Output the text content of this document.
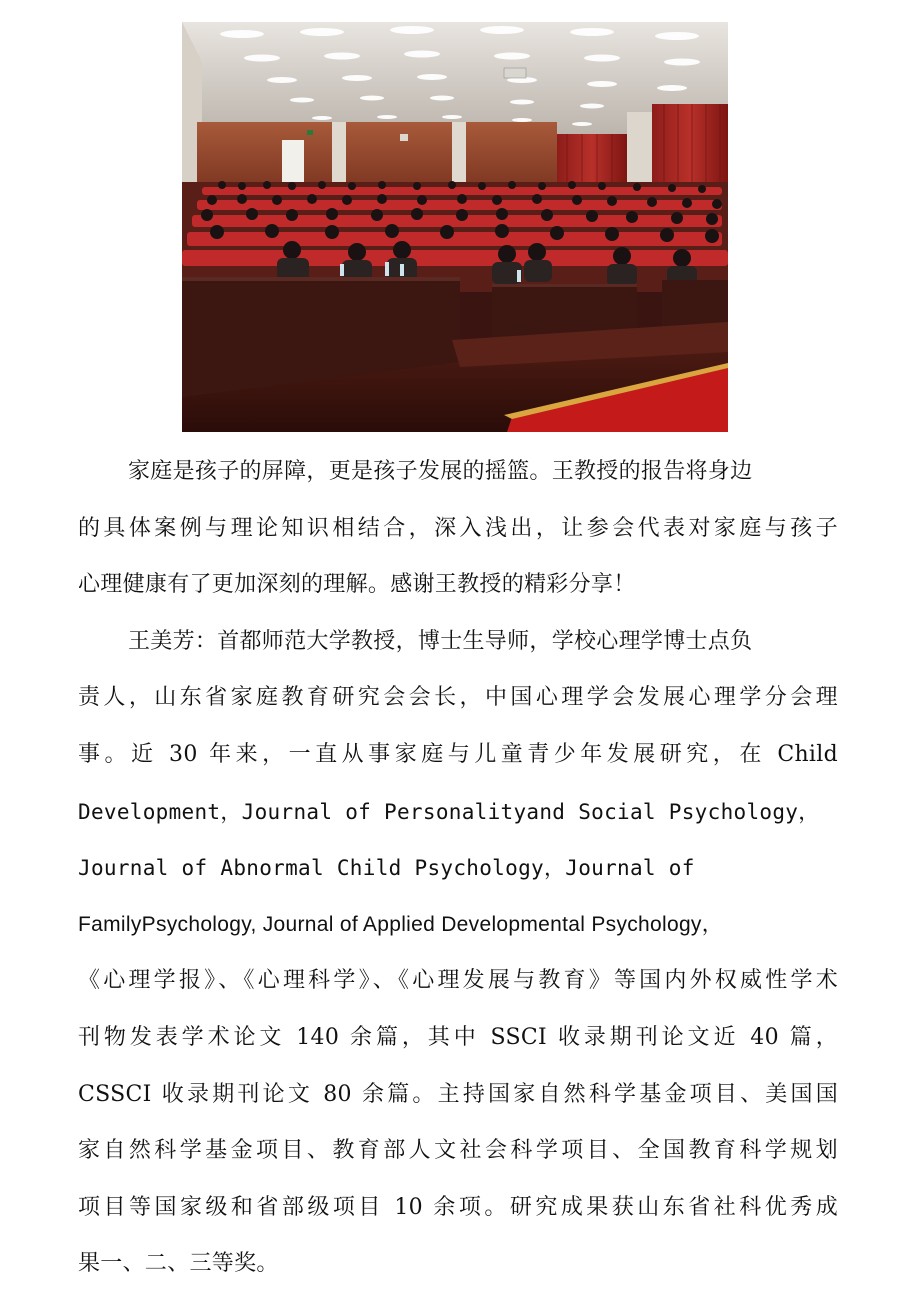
家庭是孩子的屏障，更是孩子发展的摇篮。王教授的报告将身边
的具体案例与理论知识相结合，深入浅出，让参会代表对家庭与孩子
心理健康有了更加深刻的理解。感谢王教授的精彩分享！
王美芳：首都师范大学教授，博士生导师，学校心理学博士点负
责人，山东省家庭教育研究会会长，中国心理学会发展心理学分会理
事。近 30 年来，一直从事家庭与儿童青少年发展研究，在 Child
Development，Journal of Personalityand Social Psychology，
Journal of Abnormal Child Psychology，Journal of
FamilyPsychology, Journal of Applied Developmental Psychology，
《心理学报》、《心理科学》、《心理发展与教育》等国内外权威性学术
刊物发表学术论文 140 余篇，其中 SSCI 收录期刊论文近 40 篇，
CSSCI 收录期刊论文 80 余篇。主持国家自然科学基金项目、美国国
家自然科学基金项目、教育部人文社会科学项目、全国教育科学规划
项目等国家级和省部级项目 10 余项。研究成果获山东省社科优秀成
果一、二、三等奖。
